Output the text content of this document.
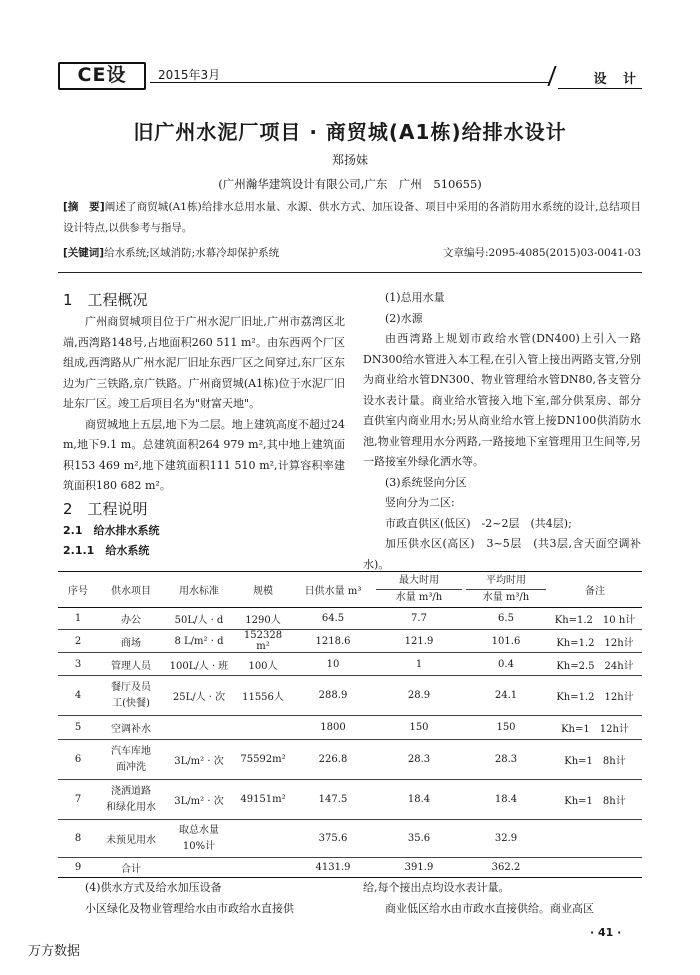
CE设	2015年3月	设 计
旧广州水泥厂项目 · 商贸城(A1栋)给排水设计
郑扬妹
(广州瀚华建筑设计有限公司,广东　广州　510655)
[摘　要]阐述了商贸城(A1栋)给排水总用水量、水源、供水方式、加压设备、项目中采用的各消防用水系统的设计,总结项目设计特点,以供参考与指导。
[关键词]给水系统;区域消防;水幕冷却保护系统	文章编号:2095-4085(2015)03-0041-03
1　工程概况

广州商贸城项目位于广州水泥厂旧址,广州市荔湾区北端,西湾路148号,占地面积260 511 m²。由东西两个厂区组成,西湾路从广州水泥厂旧址东西厂区之间穿过,东厂区东边为广三铁路,京广铁路。广州商贸城(A1栋)位于水泥厂旧址东厂区。竣工后项目名为"财富天地"。

商贸城地上五层,地下为二层。地上建筑高度不超过24 m,地下9.1 m。总建筑面积264 979 m²,其中地上建筑面积153 469 m²,地下建筑面积111 510 m²,计算容积率建筑面积180 682 m²。

2　工程说明
2.1　给水排水系统
2.1.1　给水系统
(1)总用水量
(2)水源

由西湾路上规划市政给水管(DN400)上引入一路DN300给水管进入本工程,在引入管上接出两路支管,分别为商业给水管DN300、物业管理给水管DN80,各支管分设水表计量。商业给水管接入地下室,部分供泵房、部分直供室内商业用水;另从商业给水管上接DN100供消防水池,物业管理用水分两路,一路接地下室管理用卫生间等,另一路接室外绿化洒水等。

(3)系统竖向分区
竖向分为二区:
市政直供区(低区)　-2~2层　(共4层);

加压供水区(高区)　3~5层　(共3层,含天面空调补水)。

序号	供水项目	用水标准	规模	日供水量 m³	最大时用
水量 m³/h	平均时用
水量 m³/h	备注
1	办公	50L/人 · d	1290人	64.5	7.7	6.5	Kh=1.2　10 h计
2	商场	8 L/m² · d	152328 m²	1218.6	121.9	101.6	Kh=1.2　12h计
3	管理人员	100L/人 · 班	100人	10	1	0.4	Kh=2.5　24h计
4	餐厅及员
工(快餐)	25L/人 · 次	11556人	288.9	28.9	24.1	Kh=1.2　12h计
5	空调补水			1800	150	150	Kh=1　12h计
6	汽车库地
面冲洗	3L/m² · 次	75592m²	226.8	28.3	28.3	Kh=1　8h计
7	浇洒道路
和绿化用水	3L/m² · 次	49151m²	147.5	18.4	18.4	Kh=1　8h计
8	未预见用水	取总水量
10%计		375.6	35.6	32.9	
9	合计			4131.9	391.9	362.2	
(4)供水方式及给水加压设备

小区绿化及物业管理给水由市政给水直接供

给,每个接出点均设水表计量。

商业低区给水由市政水直接供给。商业高区

· 41 ·
万方数据
